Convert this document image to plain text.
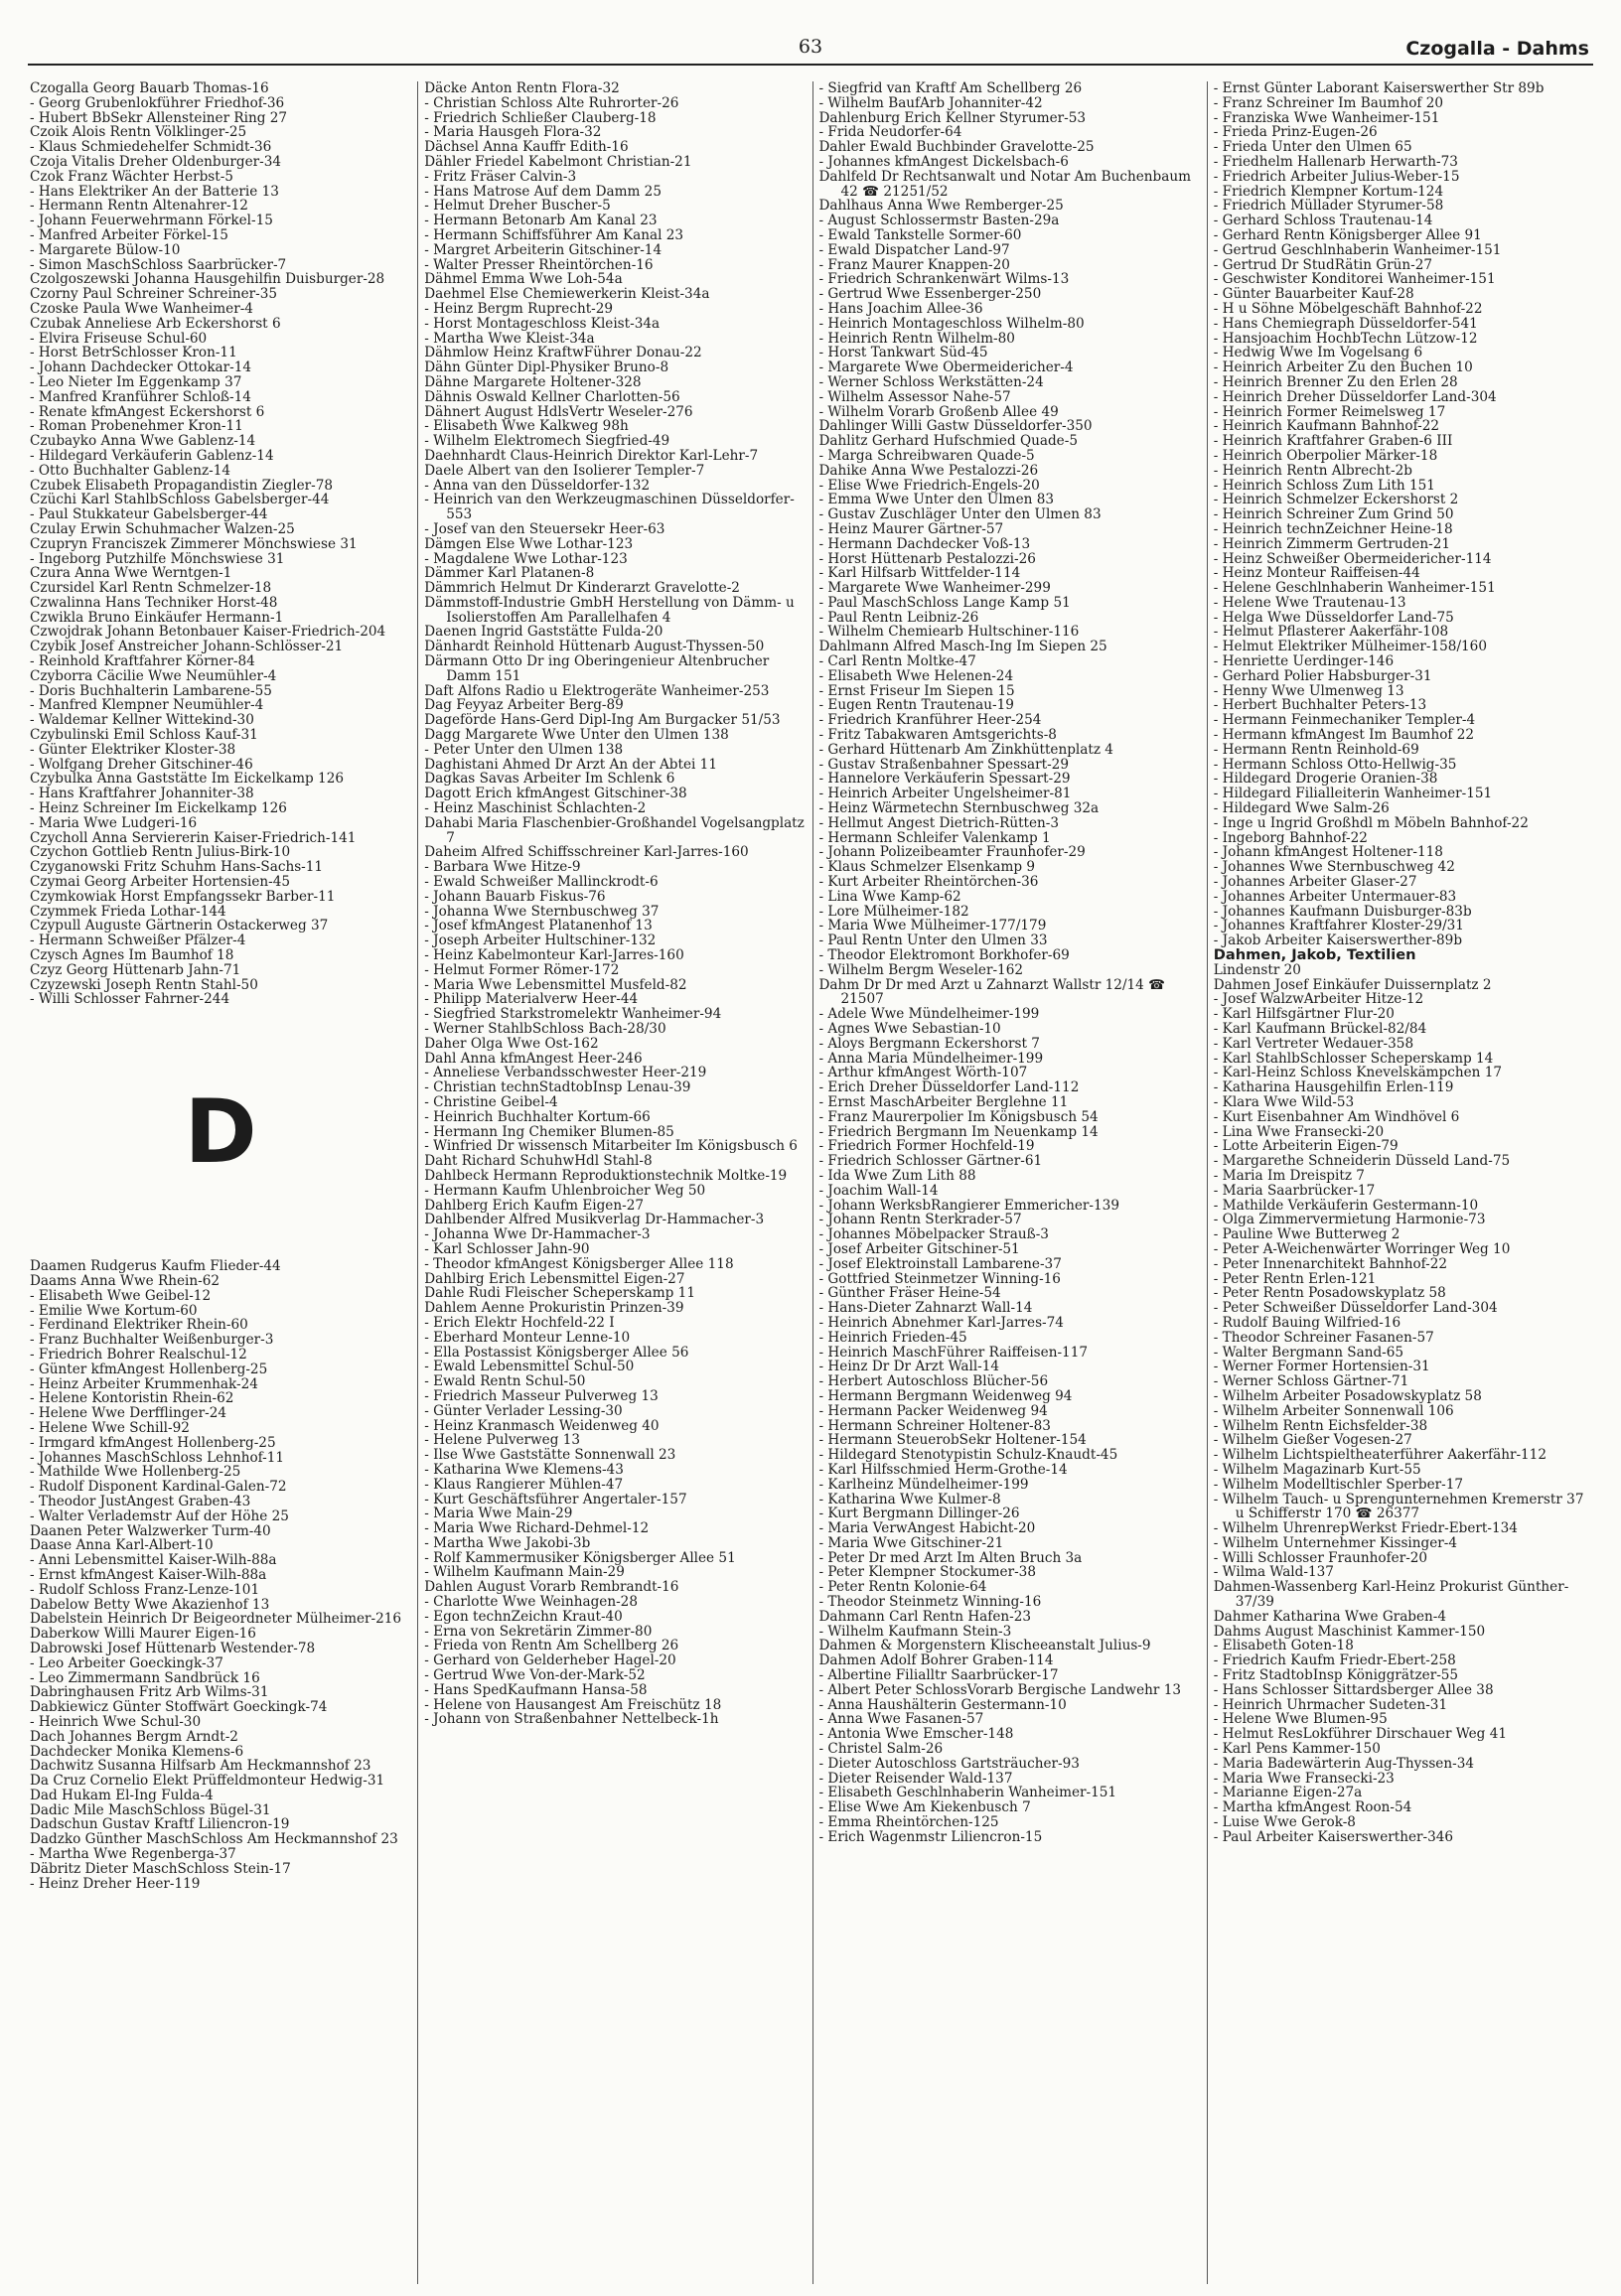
63	Czogalla - Dahms
Czogalla Georg Bauarb Thomas-16
- Georg Grubenlokführer Friedhof-36
- Hubert BbSekr Allensteiner Ring 27
Czoik Alois Rentn Völklinger-25
- Klaus Schmiedehelfer Schmidt-36
Czoja Vitalis Dreher Oldenburger-34
Czok Franz Wächter Herbst-5
- Hans Elektriker An der Batterie 13
- Hermann Rentn Altenahrer-12
- Johann Feuerwehrmann Förkel-15
- Manfred Arbeiter Förkel-15
- Margarete Bülow-10
- Simon MaschSchloss Saarbrücker-7
Czolgoszewski Johanna Hausgehilfin Duisburger-28
Czorny Paul Schreiner Schreiner-35
Czoske Paula Wwe Wanheimer-4
Czubak Anneliese Arb Eckershorst 6
- Elvira Friseuse Schul-60
- Horst BetrSchlosser Kron-11
- Johann Dachdecker Ottokar-14
- Leo Nieter Im Eggenkamp 37
- Manfred Kranführer Schloß-14
- Renate kfmAngest Eckershorst 6
- Roman Probenehmer Kron-11
Czubayko Anna Wwe Gablenz-14
- Hildegard Verkäuferin Gablenz-14
- Otto Buchhalter Gablenz-14
Czubek Elisabeth Propagandistin Ziegler-78
Czüchi Karl StahlbSchloss Gabelsberger-44
- Paul Stukkateur Gabelsberger-44
Czulay Erwin Schuhmacher Walzen-25
Czupryn Franciszek Zimmerer Mönchswiese 31
- Ingeborg Putzhilfe Mönchswiese 31
Czura Anna Wwe Werntgen-1
Czursidel Karl Rentn Schmelzer-18
Czwalinna Hans Techniker Horst-48
Czwikla Bruno Einkäufer Hermann-1
Czwojdrak Johann Betonbauer Kaiser-Friedrich-204
Czybik Josef Anstreicher Johann-Schlösser-21
- Reinhold Kraftfahrer Körner-84
Czyborra Cäcilie Wwe Neumühler-4
- Doris Buchhalterin Lambarene-55
- Manfred Klempner Neumühler-4
- Waldemar Kellner Wittekind-30
Czybulinski Emil Schloss Kauf-31
- Günter Elektriker Kloster-38
- Wolfgang Dreher Gitschiner-46
Czybulka Anna Gaststätte Im Eickelkamp 126
- Hans Kraftfahrer Johanniter-38
- Heinz Schreiner Im Eickelkamp 126
- Maria Wwe Ludgeri-16
Czycholl Anna Serviererin Kaiser-Friedrich-141
Czychon Gottlieb Rentn Julius-Birk-10
Czyganowski Fritz Schuhm Hans-Sachs-11
Czymai Georg Arbeiter Hortensien-45
Czymkowiak Horst Empfangssekr Barber-11
Czymmek Frieda Lothar-144
Czypull Auguste Gärtnerin Ostackerweg 37
- Hermann Schweißer Pfälzer-4
Czysch Agnes Im Baumhof 18
Czyz Georg Hüttenarb Jahn-71
Czyzewski Joseph Rentn Stahl-50
- Willi Schlosser Fahrner-244
D
Daamen Rudgerus Kaufm Flieder-44
Daams Anna Wwe Rhein-62
- Elisabeth Wwe Geibel-12
- Emilie Wwe Kortum-60
- Ferdinand Elektriker Rhein-60
- Franz Buchhalter Weißenburger-3
- Friedrich Bohrer Realschul-12
- Günter kfmAngest Hollenberg-25
- Heinz Arbeiter Krummenhak-24
- Helene Kontoristin Rhein-62
- Helene Wwe Derfflinger-24
- Helene Wwe Schill-92
- Irmgard kfmAngest Hollenberg-25
- Johannes MaschSchloss Lehnhof-11
- Mathilde Wwe Hollenberg-25
- Rudolf Disponent Kardinal-Galen-72
- Theodor JustAngest Graben-43
- Walter Verlademstr Auf der Höhe 25
Daanen Peter Walzwerker Turm-40
Daase Anna Karl-Albert-10
- Anni Lebensmittel Kaiser-Wilh-88a
- Ernst kfmAngest Kaiser-Wilh-88a
- Rudolf Schloss Franz-Lenze-101
Dabelow Betty Wwe Akazienhof 13
Dabelstein Heinrich Dr Beigeordneter Mülheimer-216
Daberkow Willi Maurer Eigen-16
Dabrowski Josef Hüttenarb Westender-78
- Leo Arbeiter Goeckingk-37
- Leo Zimmermann Sandbrück 16
Dabringhausen Fritz Arb Wilms-31
Dabkiewicz Günter Stoffwärt Goeckingk-74
- Heinrich Wwe Schul-30
Dach Johannes Bergm Arndt-2
Dachdecker Monika Klemens-6
Dachwitz Susanna Hilfsarb Am Heckmannshof 23
Da Cruz Cornelio Elekt Prüffeldmonteur Hedwig-31
Dad Hukam El-Ing Fulda-4
Dadic Mile MaschSchloss Bügel-31
Dadschun Gustav Kraftf Liliencron-19
Dadzko Günther MaschSchloss Am Heckmannshof 23
- Martha Wwe Regenberga-37
Däbritz Dieter MaschSchloss Stein-17
- Heinz Dreher Heer-119
Däcke Anton Rentn Flora-32
- Christian Schloss Alte Ruhrorter-26
- Friedrich Schließer Clauberg-18
- Maria Hausgeh Flora-32
Dächsel Anna Kauffr Edith-16
Dähler Friedel Kabelmont Christian-21
- Fritz Fräser Calvin-3
- Hans Matrose Auf dem Damm 25
- Helmut Dreher Buscher-5
- Hermann Betonarb Am Kanal 23
- Hermann Schiffsführer Am Kanal 23
- Margret Arbeiterin Gitschiner-14
- Walter Presser Rheintörchen-16
Dähmel Emma Wwe Loh-54a
Daehmel Else Chemiewerkerin Kleist-34a
- Heinz Bergm Ruprecht-29
- Horst Montageschloss Kleist-34a
- Martha Wwe Kleist-34a
Dähmlow Heinz KraftwFührer Donau-22
Dähn Günter Dipl-Physiker Bruno-8
Dähne Margarete Holtener-328
Dähnis Oswald Kellner Charlotten-56
Dähnert August HdlsVertr Weseler-276
- Elisabeth Wwe Kalkweg 98h
- Wilhelm Elektromech Siegfried-49
Daehnhardt Claus-Heinrich Direktor Karl-Lehr-7
Daele Albert van den Isolierer Templer-7
- Anna van den Düsseldorfer-132
- Heinrich van den Werkzeugmaschinen Düsseldorfer-553
- Josef van den Steuersekr Heer-63
Dämgen Else Wwe Lothar-123
- Magdalene Wwe Lothar-123
Dämmer Karl Platanen-8
Dämmrich Helmut Dr Kinderarzt Gravelotte-2
Dämmstoff-Industrie GmbH Herstellung von Dämm- u Isolierstoffen Am Parallelhafen 4
Daenen Ingrid Gaststätte Fulda-20
Dänhardt Reinhold Hüttenarb August-Thyssen-50
Därmann Otto Dr ing Oberingenieur Altenbrucher Damm 151
Daft Alfons Radio u Elektrogeräte Wanheimer-253
Dag Feyyaz Arbeiter Berg-89
Dageförde Hans-Gerd Dipl-Ing Am Burgacker 51/53
Dagg Margarete Wwe Unter den Ulmen 138
- Peter Unter den Ulmen 138
Daghistani Ahmed Dr Arzt An der Abtei 11
Dagkas Savas Arbeiter Im Schlenk 6
Dagott Erich kfmAngest Gitschiner-38
- Heinz Maschinist Schlachten-2
Dahabi Maria Flaschenbier-Großhandel Vogelsangplatz 7
Daheim Alfred Schiffsschreiner Karl-Jarres-160
- Barbara Wwe Hitze-9
- Ewald Schweißer Mallinckrodt-6
- Johann Bauarb Fiskus-76
- Johanna Wwe Sternbuschweg 37
- Josef kfmAngest Platanenhof 13
- Joseph Arbeiter Hultschiner-132
- Heinz Kabelmonteur Karl-Jarres-160
- Helmut Former Römer-172
- Maria Wwe Lebensmittel Musfeld-82
- Philipp Materialverw Heer-44
- Siegfried Starkstromelektr Wanheimer-94
- Werner StahlbSchloss Bach-28/30
Daher Olga Wwe Ost-162
Dahl Anna kfmAngest Heer-246
- Anneliese Verbandsschwester Heer-219
- Christian technStadtobInsp Lenau-39
- Christine Geibel-4
- Heinrich Buchhalter Kortum-66
- Hermann Ing Chemiker Blumen-85
- Winfried Dr wissensch Mitarbeiter Im Königsbusch 6
Daht Richard SchuhwHdl Stahl-8
Dahlbeck Hermann Reproduktionstechnik Moltke-19
- Hermann Kaufm Uhlenbroicher Weg 50
Dahlberg Erich Kaufm Eigen-27
Dahlbender Alfred Musikverlag Dr-Hammacher-3
- Johanna Wwe Dr-Hammacher-3
- Karl Schlosser Jahn-90
- Theodor kfmAngest Königsberger Allee 118
Dahlbirg Erich Lebensmittel Eigen-27
Dahle Rudi Fleischer Scheperskamp 11
Dahlem Aenne Prokuristin Prinzen-39
- Erich Elektr Hochfeld-22 I
- Eberhard Monteur Lenne-10
- Ella Postassist Königsberger Allee 56
- Ewald Lebensmittel Schul-50
- Ewald Rentn Schul-50
- Friedrich Masseur Pulverweg 13
- Günter Verlader Lessing-30
- Heinz Kranmasch Weidenweg 40
- Helene Pulverweg 13
- Ilse Wwe Gaststätte Sonnenwall 23
- Katharina Wwe Klemens-43
- Klaus Rangierer Mühlen-47
- Kurt Geschäftsführer Angertaler-157
- Maria Wwe Main-29
- Maria Wwe Richard-Dehmel-12
- Martha Wwe Jakobi-3b
- Rolf Kammermusiker Königsberger Allee 51
- Wilhelm Kaufmann Main-29
Dahlen August Vorarb Rembrandt-16
- Charlotte Wwe Weinhagen-28
- Egon technZeichn Kraut-40
- Erna von Sekretärin Zimmer-80
- Frieda von Rentn Am Schellberg 26
- Gerhard von Gelderheber Hagel-20
- Gertrud Wwe Von-der-Mark-52
- Hans SpedKaufmann Hansa-58
- Helene von Hausangest Am Freischütz 18
- Johann von Straßenbahner Nettelbeck-1h
- Siegfrid van Kraftf Am Schellberg 26
- Wilhelm BaufArb Johanniter-42
Dahlenburg Erich Kellner Styrumer-53
- Frida Neudorfer-64
Dahler Ewald Buchbinder Gravelotte-25
- Johannes kfmAngest Dickelsbach-6
Dahlfeld Dr Rechtsanwalt und Notar Am Buchenbaum 42 ☎ 21251/52
Dahlhaus Anna Wwe Remberger-25
- August Schlossermstr Basten-29a
- Ewald Tankstelle Sormer-60
- Ewald Dispatcher Land-97
- Franz Maurer Knappen-20
- Friedrich Schrankenwärt Wilms-13
- Gertrud Wwe Essenberger-250
- Hans Joachim Allee-36
- Heinrich Montageschloss Wilhelm-80
- Heinrich Rentn Wilhelm-80
- Horst Tankwart Süd-45
- Margarete Wwe Obermeidericher-4
- Werner Schloss Werkstätten-24
- Wilhelm Assessor Nahe-57
- Wilhelm Vorarb Großenb Allee 49
Dahlinger Willi Gastw Düsseldorfer-350
Dahlitz Gerhard Hufschmied Quade-5
- Marga Schreibwaren Quade-5
Dahike Anna Wwe Pestalozzi-26
- Elise Wwe Friedrich-Engels-20
- Emma Wwe Unter den Ulmen 83
- Gustav Zuschläger Unter den Ulmen 83
- Heinz Maurer Gärtner-57
- Hermann Dachdecker Voß-13
- Horst Hüttenarb Pestalozzi-26
- Karl Hilfsarb Wittfelder-114
- Margarete Wwe Wanheimer-299
- Paul MaschSchloss Lange Kamp 51
- Paul Rentn Leibniz-26
- Wilhelm Chemiearb Hultschiner-116
Dahlmann Alfred Masch-Ing Im Siepen 25
- Carl Rentn Moltke-47
- Elisabeth Wwe Helenen-24
- Ernst Friseur Im Siepen 15
- Eugen Rentn Trautenau-19
- Friedrich Kranführer Heer-254
- Fritz Tabakwaren Amtsgerichts-8
- Gerhard Hüttenarb Am Zinkhüttenplatz 4
- Gustav Straßenbahner Spessart-29
- Hannelore Verkäuferin Spessart-29
- Heinrich Arbeiter Ungelsheimer-81
- Heinz Wärmetechn Sternbuschweg 32a
- Hellmut Angest Dietrich-Rütten-3
- Hermann Schleifer Valenkamp 1
- Johann Polizeibeamter Fraunhofer-29
- Klaus Schmelzer Elsenkamp 9
- Kurt Arbeiter Rheintörchen-36
- Lina Wwe Kamp-62
- Lore Mülheimer-182
- Maria Wwe Mülheimer-177/179
- Paul Rentn Unter den Ulmen 33
- Theodor Elektromont Borkhofer-69
- Wilhelm Bergm Weseler-162
Dahm Dr Dr med Arzt u Zahnarzt Wallstr 12/14 ☎ 21507
- Adele Wwe Mündelheimer-199
- Agnes Wwe Sebastian-10
- Aloys Bergmann Eckershorst 7
- Anna Maria Mündelheimer-199
- Arthur kfmAngest Wörth-107
- Erich Dreher Düsseldorfer Land-112
- Ernst MaschArbeiter Berglehne 11
- Franz Maurerpolier Im Königsbusch 54
- Friedrich Bergmann Im Neuenkamp 14
- Friedrich Former Hochfeld-19
- Friedrich Schlosser Gärtner-61
- Ida Wwe Zum Lith 88
- Joachim Wall-14
- Johann WerksbRangierer Emmericher-139
- Johann Rentn Sterkrader-57
- Johannes Möbelpacker Strauß-3
- Josef Arbeiter Gitschiner-51
- Josef Elektroinstall Lambarene-37
- Gottfried Steinmetzer Winning-16
- Günther Fräser Heine-54
- Hans-Dieter Zahnarzt Wall-14
- Heinrich Abnehmer Karl-Jarres-74
- Heinrich Frieden-45
- Heinrich MaschFührer Raiffeisen-117
- Heinz Dr Dr Arzt Wall-14
- Herbert Autoschloss Blücher-56
- Hermann Bergmann Weidenweg 94
- Hermann Packer Weidenweg 94
- Hermann Schreiner Holtener-83
- Hermann SteuerobSekr Holtener-154
- Hildegard Stenotypistin Schulz-Knaudt-45
- Karl Hilfsschmied Herm-Grothe-14
- Karlheinz Mündelheimer-199
- Katharina Wwe Kulmer-8
- Kurt Bergmann Dillinger-26
- Maria VerwAngest Habicht-20
- Maria Wwe Gitschiner-21
- Peter Dr med Arzt Im Alten Bruch 3a
- Peter Klempner Stockumer-38
- Peter Rentn Kolonie-64
- Theodor Steinmetz Winning-16
Dahmann Carl Rentn Hafen-23
- Wilhelm Kaufmann Stein-3
Dahmen & Morgenstern Klischeeanstalt Julius-9
Dahmen Adolf Bohrer Graben-114
- Albertine Filialltr Saarbrücker-17
- Albert Peter SchlossVorarb Bergische Landwehr 13
- Anna Haushälterin Gestermann-10
- Anna Wwe Fasanen-57
- Antonia Wwe Emscher-148
- Christel Salm-26
- Dieter Autoschloss Gartsträucher-93
- Dieter Reisender Wald-137
- Elisabeth Geschlnhaberin Wanheimer-151
- Elise Wwe Am Kiekenbusch 7
- Emma Rheintörchen-125
- Erich Wagenmstr Liliencron-15
- Ernst Günter Laborant Kaiserswerther Str 89b
- Franz Schreiner Im Baumhof 20
- Franziska Wwe Wanheimer-151
- Frieda Prinz-Eugen-26
- Frieda Unter den Ulmen 65
- Friedhelm Hallenarb Herwarth-73
- Friedrich Arbeiter Julius-Weber-15
- Friedrich Klempner Kortum-124
- Friedrich Müllader Styrumer-58
- Gerhard Schloss Trautenau-14
- Gerhard Rentn Königsberger Allee 91
- Gertrud Geschlnhaberin Wanheimer-151
- Gertrud Dr StudRätin Grün-27
- Geschwister Konditorei Wanheimer-151
- Günter Bauarbeiter Kauf-28
- H u Söhne Möbelgeschäft Bahnhof-22
- Hans Chemiegraph Düsseldorfer-541
- Hansjoachim HochbTechn Lützow-12
- Hedwig Wwe Im Vogelsang 6
- Heinrich Arbeiter Zu den Buchen 10
- Heinrich Brenner Zu den Erlen 28
- Heinrich Dreher Düsseldorfer Land-304
- Heinrich Former Reimelsweg 17
- Heinrich Kaufmann Bahnhof-22
- Heinrich Kraftfahrer Graben-6 III
- Heinrich Oberpolier Märker-18
- Heinrich Rentn Albrecht-2b
- Heinrich Schloss Zum Lith 151
- Heinrich Schmelzer Eckershorst 2
- Heinrich Schreiner Zum Grind 50
- Heinrich technZeichner Heine-18
- Heinrich Zimmerm Gertruden-21
- Heinz Schweißer Obermeidericher-114
- Heinz Monteur Raiffeisen-44
- Helene Geschlnhaberin Wanheimer-151
- Helene Wwe Trautenau-13
- Helga Wwe Düsseldorfer Land-75
- Helmut Pflasterer Aakerfähr-108
- Helmut Elektriker Mülheimer-158/160
- Henriette Uerdinger-146
- Gerhard Polier Habsburger-31
- Henny Wwe Ulmenweg 13
- Herbert Buchhalter Peters-13
- Hermann Feinmechaniker Templer-4
- Hermann kfmAngest Im Baumhof 22
- Hermann Rentn Reinhold-69
- Hermann Schloss Otto-Hellwig-35
- Hildegard Drogerie Oranien-38
- Hildegard Filialleiterin Wanheimer-151
- Hildegard Wwe Salm-26
- Inge u Ingrid Großhdl m Möbeln Bahnhof-22
- Ingeborg Bahnhof-22
- Johann kfmAngest Holtener-118
- Johannes Wwe Sternbuschweg 42
- Johannes Arbeiter Glaser-27
- Johannes Arbeiter Untermauer-83
- Johannes Kaufmann Duisburger-83b
- Johannes Kraftfahrer Kloster-29/31
- Jakob Arbeiter Kaiserswerther-89b
Dahmen, Jakob, Textilien
Lindenstr 20
Dahmen Josef Einkäufer Duissernplatz 2
- Josef WalzwArbeiter Hitze-12
- Karl Hilfsgärtner Flur-20
- Karl Kaufmann Brückel-82/84
- Karl Vertreter Wedauer-358
- Karl StahlbSchlosser Scheperskamp 14
- Karl-Heinz Schloss Knevelskämpchen 17
- Katharina Hausgehilfin Erlen-119
- Klara Wwe Wild-53
- Kurt Eisenbahner Am Windhövel 6
- Lina Wwe Fransecki-20
- Lotte Arbeiterin Eigen-79
- Margarethe Schneiderin Düsseld Land-75
- Maria Im Dreispitz 7
- Maria Saarbrücker-17
- Mathilde Verkäuferin Gestermann-10
- Olga Zimmervermietung Harmonie-73
- Pauline Wwe Butterweg 2
- Peter A-Weichenwärter Worringer Weg 10
- Peter Innenarchitekt Bahnhof-22
- Peter Rentn Erlen-121
- Peter Rentn Posadowskyplatz 58
- Peter Schweißer Düsseldorfer Land-304
- Rudolf Bauing Wilfried-16
- Theodor Schreiner Fasanen-57
- Walter Bergmann Sand-65
- Werner Former Hortensien-31
- Werner Schloss Gärtner-71
- Wilhelm Arbeiter Posadowskyplatz 58
- Wilhelm Arbeiter Sonnenwall 106
- Wilhelm Rentn Eichsfelder-38
- Wilhelm Gießer Vogesen-27
- Wilhelm Lichtspieltheaterführer Aakerfähr-112
- Wilhelm Magazinarb Kurt-55
- Wilhelm Modelltischler Sperber-17
- Wilhelm Tauch- u Sprengunternehmen Kremerstr 37 u Schifferstr 170 ☎ 26377
- Wilhelm UhrenrepWerkst Friedr-Ebert-134
- Wilhelm Unternehmer Kissinger-4
- Willi Schlosser Fraunhofer-20
- Wilma Wald-137
Dahmen-Wassenberg Karl-Heinz Prokurist Günther-37/39
Dahmer Katharina Wwe Graben-4
Dahms August Maschinist Kammer-150
- Elisabeth Goten-18
- Friedrich Kaufm Friedr-Ebert-258
- Fritz StadtobInsp Königgrätzer-55
- Hans Schlosser Sittardsberger Allee 38
- Heinrich Uhrmacher Sudeten-31
- Helene Wwe Blumen-95
- Helmut ResLokführer Dirschauer Weg 41
- Karl Pens Kammer-150
- Maria Badewärterin Aug-Thyssen-34
- Maria Wwe Fransecki-23
- Marianne Eigen-27a
- Martha kfmAngest Roon-54
- Luise Wwe Gerok-8
- Paul Arbeiter Kaiserswerther-346
